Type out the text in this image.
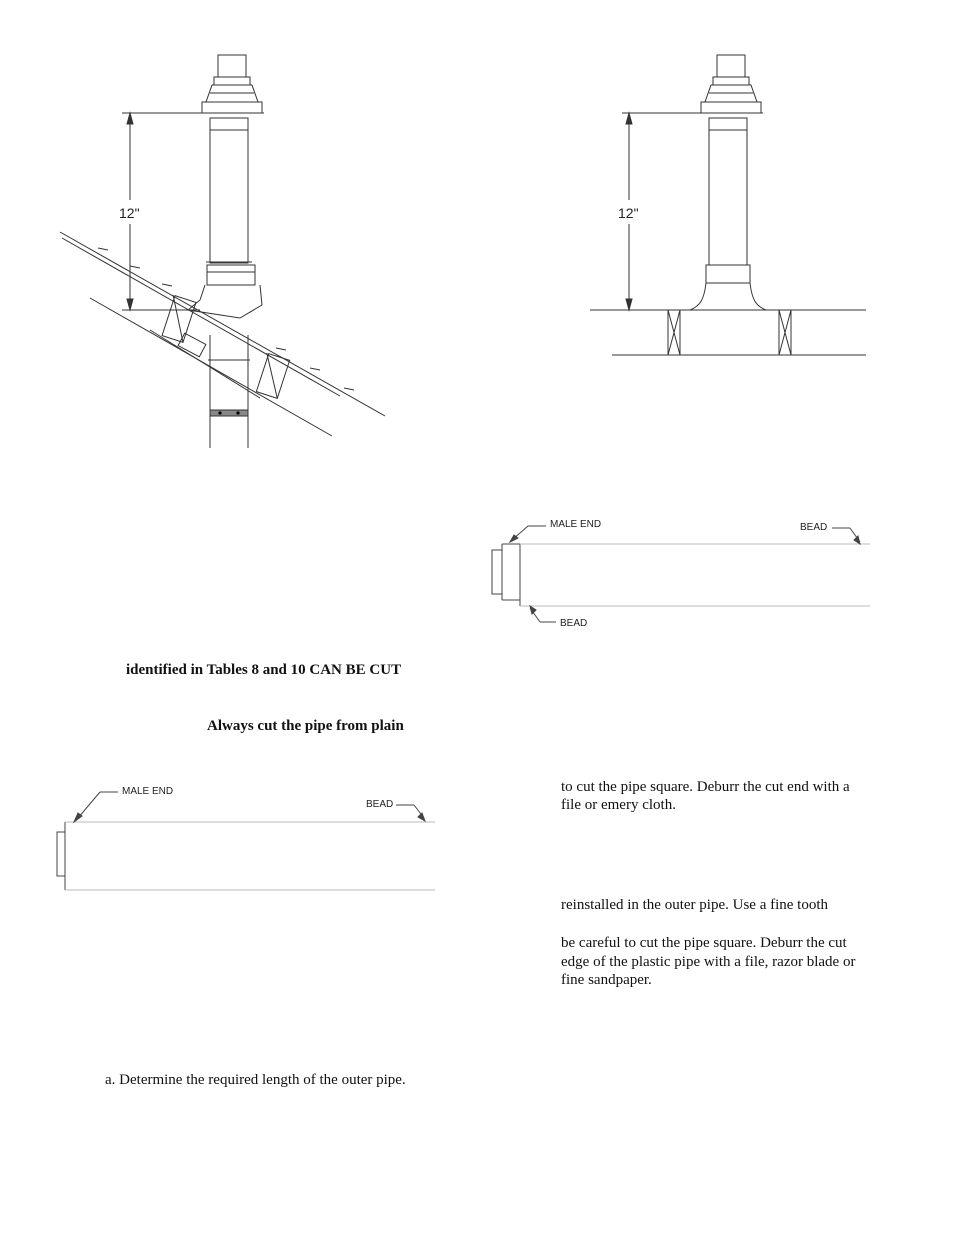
12"	12"
MALE END	BEAD
BEAD
MALE END
BEAD
identified in Tables 8 and 10 CAN BE CUT
Always cut the pipe from plain
to cut the pipe square. Deburr the cut end with a
file or emery cloth.
reinstalled in the outer pipe. Use a fine tooth
be careful to cut the pipe square. Deburr the cut
edge of the plastic pipe with a file, razor blade or
fine sandpaper.
a. Determine the required length of the outer pipe.
